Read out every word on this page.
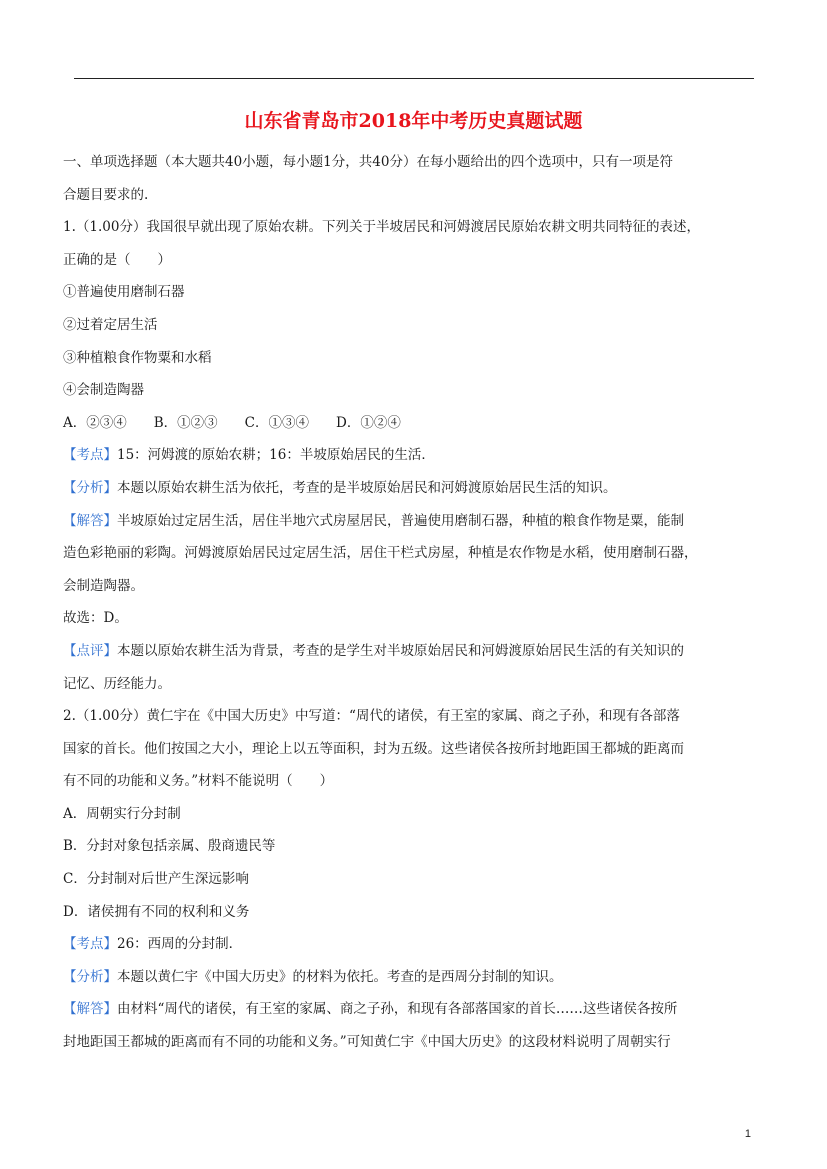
山东省青岛市2018年中考历史真题试题

一、单项选择题（本大题共40小题，每小题1分，共40分）在每小题给出的四个选项中，只有一项是符

合题目要求的.

1.（1.00分）我国很早就出现了原始农耕。下列关于半坡居民和河姆渡居民原始农耕文明共同特征的表述，

正确的是（　　）

①普遍使用磨制石器

②过着定居生活

③种植粮食作物粟和水稻

④会制造陶器

A．②③④　　B．①②③　　C．①③④　　D．①②④

【考点】15：河姆渡的原始农耕；16：半坡原始居民的生活．

【分析】本题以原始农耕生活为依托，考查的是半坡原始居民和河姆渡原始居民生活的知识。

【解答】半坡原始过定居生活，居住半地穴式房屋居民，普遍使用磨制石器，种植的粮食作物是粟，能制

造色彩艳丽的彩陶。河姆渡原始居民过定居生活，居住干栏式房屋，种植是农作物是水稻，使用磨制石器，

会制造陶器。

故选：D。

【点评】本题以原始农耕生活为背景，考查的是学生对半坡原始居民和河姆渡原始居民生活的有关知识的

记忆、历经能力。

2.（1.00分）黄仁宇在《中国大历史》中写道：“周代的诸侯，有王室的家属、商之子孙，和现有各部落

国家的首长。他们按国之大小，理论上以五等面积，封为五级。这些诸侯各按所封地距国王都城的距离而

有不同的功能和义务。”材料不能说明（　　）

A．周朝实行分封制

B．分封对象包括亲属、殷商遗民等

C．分封制对后世产生深远影响

D．诸侯拥有不同的权利和义务

【考点】26：西周的分封制．

【分析】本题以黄仁宇《中国大历史》的材料为依托。考查的是西周分封制的知识。

【解答】由材料“周代的诸侯，有王室的家属、商之子孙，和现有各部落国家的首长……这些诸侯各按所

封地距国王都城的距离而有不同的功能和义务。”可知黄仁宇《中国大历史》的这段材料说明了周朝实行

1
